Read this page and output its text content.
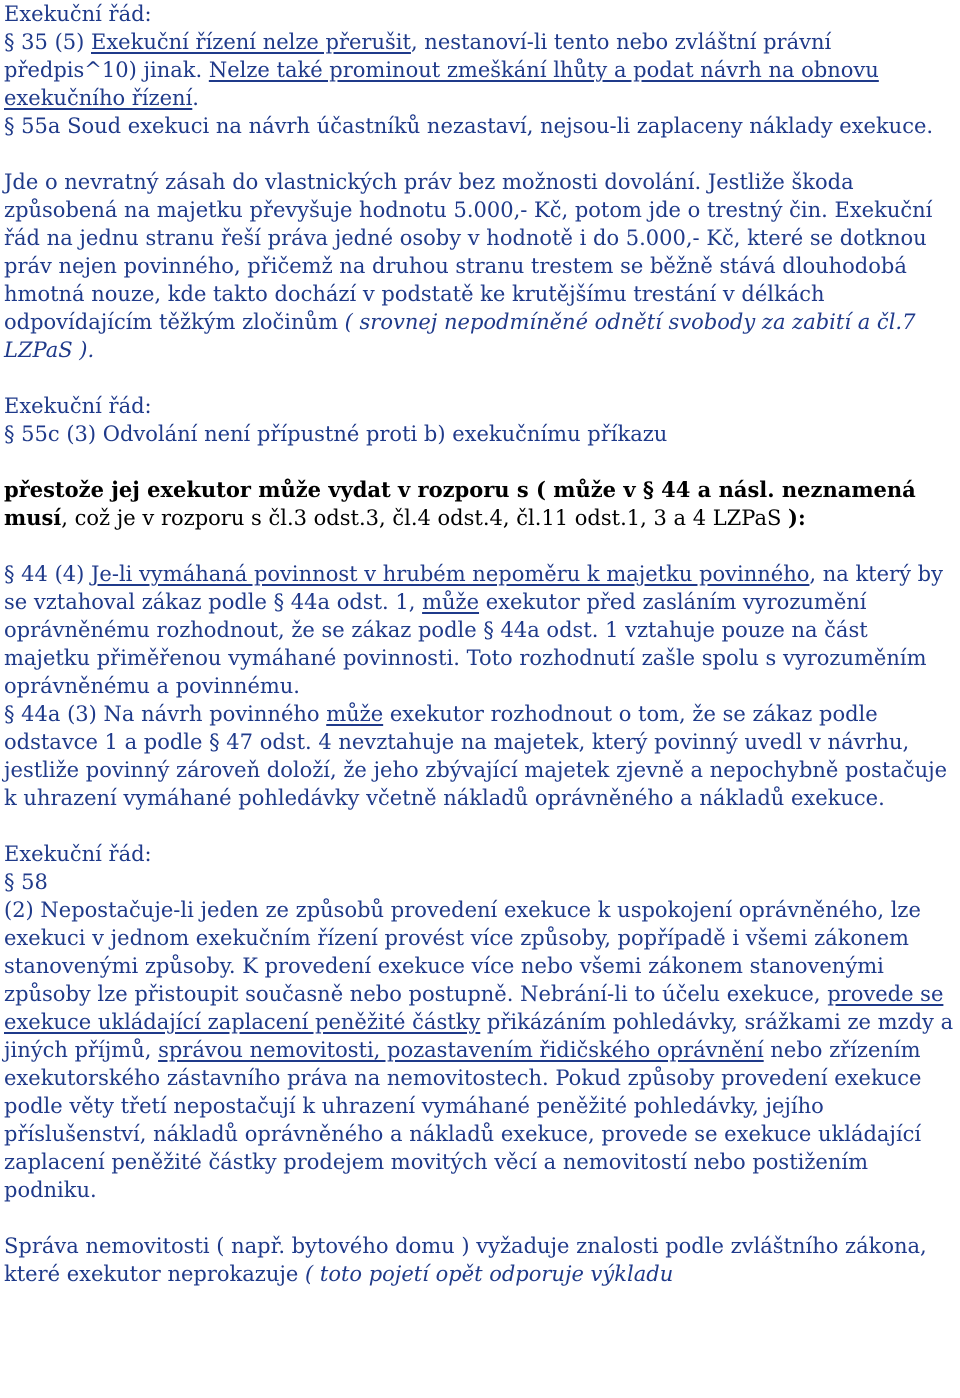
Exekuční řád:

§ 35 (5) Exekuční řízení nelze přerušit, nestanoví-li tento nebo zvláštní právní předpis^10) jinak. Nelze také prominout zmeškání lhůty a podat návrh na obnovu exekučního řízení.

§ 55a Soud exekuci na návrh účastníků nezastaví, nejsou-li zaplaceny náklady exekuce.

Jde o nevratný zásah do vlastnických práv bez možnosti dovolání. Jestliže škoda způsobená na majetku převyšuje hodnotu 5.000,- Kč, potom jde o trestný čin. Exekuční řád na jednu stranu řeší práva jedné osoby v hodnotě i do 5.000,- Kč, které se dotknou práv nejen povinného, přičemž na druhou stranu trestem se běžně stává dlouhodobá hmotná nouze, kde takto dochází v podstatě ke krutějšímu trestání v délkách odpovídajícím těžkým zločinům ( srovnej nepodmíněné odnětí svobody za zabití a čl.7 LZPaS ).

Exekuční řád:

§ 55c (3) Odvolání není přípustné proti b) exekučnímu příkazu

přestože jej exekutor může vydat v rozporu s ( může v § 44 a násl. neznamená musí, což je v rozporu s čl.3 odst.3, čl.4 odst.4, čl.11 odst.1, 3 a 4 LZPaS ):

§ 44 (4) Je-li vymáhaná povinnost v hrubém nepoměru k majetku povinného, na který by se vztahoval zákaz podle § 44a odst. 1, může exekutor před zasláním vyrozumění oprávněnému rozhodnout, že se zákaz podle § 44a odst. 1 vztahuje pouze na část majetku přiměřenou vymáhané povinnosti. Toto rozhodnutí zašle spolu s vyrozuměním oprávněnému a povinnému.

§ 44a (3) Na návrh povinného může exekutor rozhodnout o tom, že se zákaz podle odstavce 1 a podle § 47 odst. 4 nevztahuje na majetek, který povinný uvedl v návrhu, jestliže povinný zároveň doloží, že jeho zbývající majetek zjevně a nepochybně postačuje k uhrazení vymáhané pohledávky včetně nákladů oprávněného a nákladů exekuce.

Exekuční řád:

§ 58

(2) Nepostačuje-li jeden ze způsobů provedení exekuce k uspokojení oprávněného, lze exekuci v jednom exekučním řízení provést více způsoby, popřípadě i všemi zákonem stanovenými způsoby. K provedení exekuce více nebo všemi zákonem stanovenými způsoby lze přistoupit současně nebo postupně. Nebrání-li to účelu exekuce, provede se exekuce ukládající zaplacení peněžité částky přikázáním pohledávky, srážkami ze mzdy a jiných příjmů, správou nemovitosti, pozastavením řidičského oprávnění nebo zřízením exekutorského zástavního práva na nemovitostech. Pokud způsoby provedení exekuce podle věty třetí nepostačují k uhrazení vymáhané peněžité pohledávky, jejího příslušenství, nákladů oprávněného a nákladů exekuce, provede se exekuce ukládající zaplacení peněžité částky prodejem movitých věcí a nemovitostí nebo postižením podniku.

Správa nemovitosti ( např. bytového domu ) vyžaduje znalosti podle zvláštního zákona, které exekutor neprokazuje ( toto pojetí opět odporuje výkladu
